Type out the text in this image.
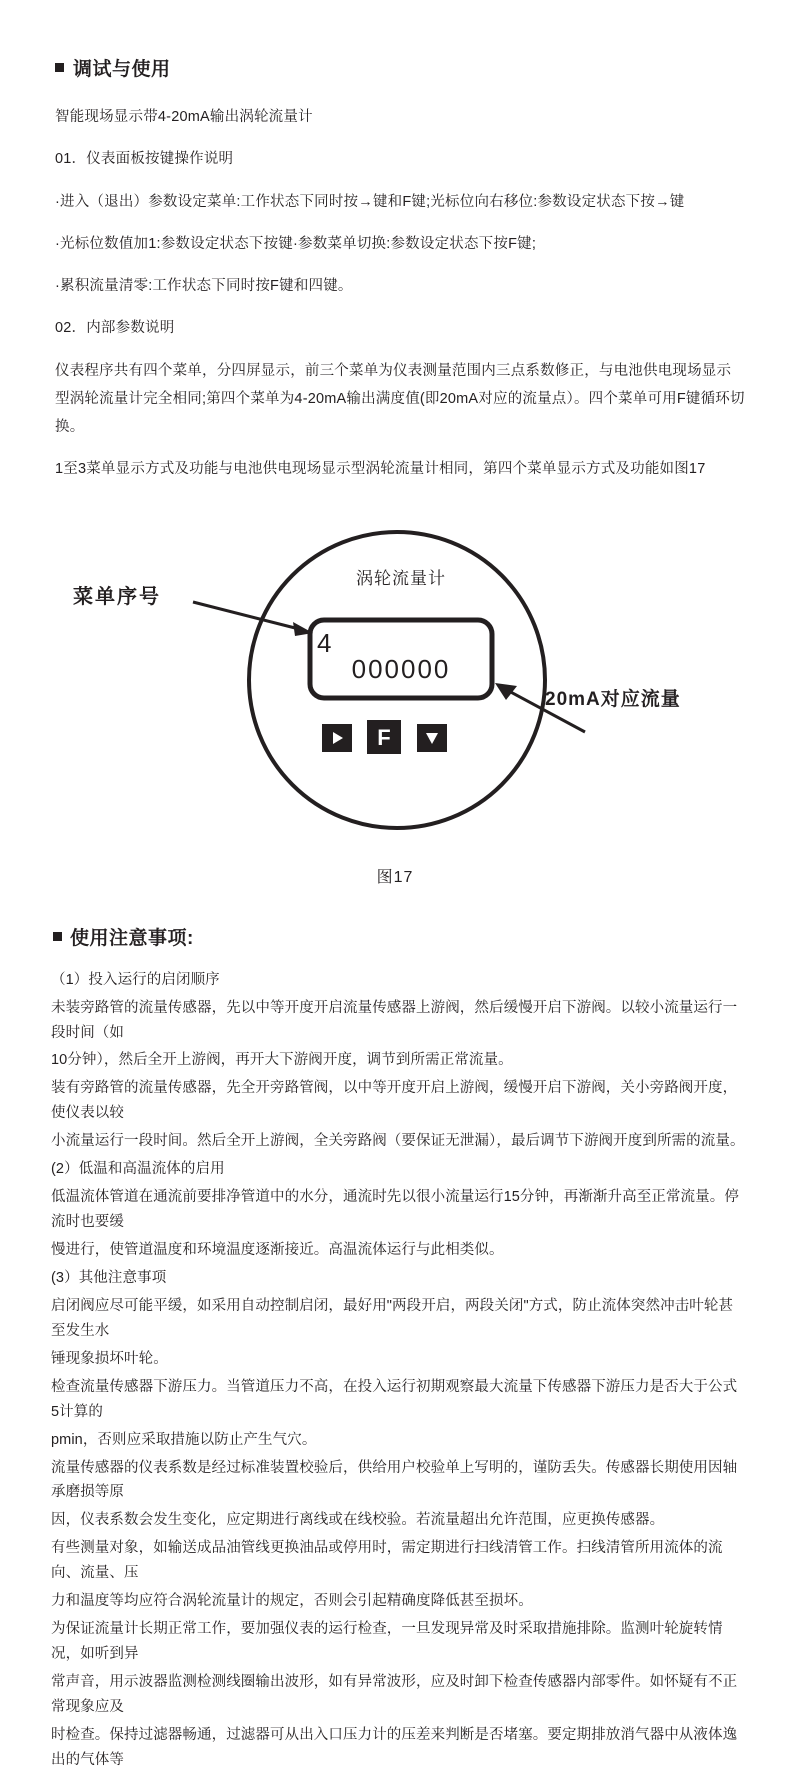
调试与使用

智能现场显示带4-20mA输出涡轮流量计

01．仪表面板按键操作说明

·进入（退出）参数设定菜单:工作状态下同时按→键和F键;光标位向右移位:参数设定状态下按→键

·光标位数值加1:参数设定状态下按键·参数菜单切换:参数设定状态下按F键;

·累积流量清零:工作状态下同时按F键和四键。

02．内部参数说明

仪表程序共有四个菜单，分四屏显示，前三个菜单为仪表测量范围内三点系数修正，与电池供电现场显示型涡轮流量计完全相同;第四个菜单为4-20mA输出满度值(即20mA对应的流量点）。四个菜单可用F键循环切换。

1至3菜单显示方式及功能与电池供电现场显示型涡轮流量计相同，第四个菜单显示方式及功能如图17

F
菜单序号
20mA对应流量
涡轮流量计
4
000000
图17
使用注意事项:

（1）投入运行的启闭顺序

未装旁路管的流量传感器，先以中等开度开启流量传感器上游阀，然后缓慢开启下游阀。以较小流量运行一段时间（如

10分钟），然后全开上游阀，再开大下游阀开度，调节到所需正常流量。

装有旁路管的流量传感器，先全开旁路管阀，以中等开度开启上游阀，缓慢开启下游阀，关小旁路阀开度，使仪表以较

小流量运行一段时间。然后全开上游阀，全关旁路阀（要保证无泄漏），最后调节下游阀开度到所需的流量。

(2）低温和高温流体的启用

低温流体管道在通流前要排净管道中的水分，通流时先以很小流量运行15分钟，再渐渐升高至正常流量。停流时也要缓

慢进行，使管道温度和环境温度逐渐接近。高温流体运行与此相类似。

(3）其他注意事项

启闭阀应尽可能平缓，如采用自动控制启闭，最好用"两段开启，两段关闭"方式，防止流体突然冲击叶轮甚至发生水

锤现象损坏叶轮。

检查流量传感器下游压力。当管道压力不高，在投入运行初期观察最大流量下传感器下游压力是否大于公式5计算的

pmin，否则应采取措施以防止产生气穴。

流量传感器的仪表系数是经过标准装置校验后，供给用户校验单上写明的，谨防丢失。传感器长期使用因轴承磨损等原

因，仪表系数会发生变化，应定期进行离线或在线校验。若流量超出允许范围，应更换传感器。

有些测量对象，如输送成品油管线更换油品或停用时，需定期进行扫线清管工作。扫线清管所用流体的流向、流量、压

力和温度等均应符合涡轮流量计的规定，否则会引起精确度降低甚至损坏。

为保证流量计长期正常工作，要加强仪表的运行检查，一旦发现异常及时采取措施排除。监测叶轮旋转情况，如听到异

常声音，用示波器监测检测线圈输出波形，如有异常波形，应及时卸下检查传感器内部零件。如怀疑有不正常现象应及

时检查。保持过滤器畅通，过滤器可从出入口压力计的压差来判断是否堵塞。要定期排放消气器中从液体逸出的气体等
